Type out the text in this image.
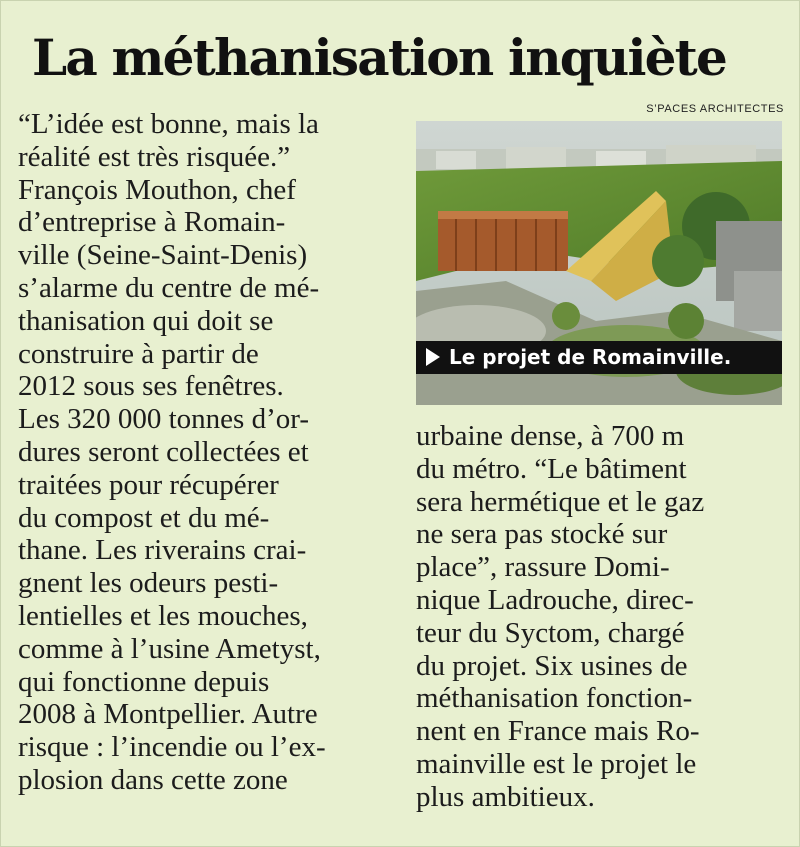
La méthanisation inquiète
S’PACES ARCHITECTES
Le projet de Romainville.
“L’idée est bonne, mais la
réalité est très risquée.”
François Mouthon, chef
d’entreprise à Romain-
ville (Seine-Saint-Denis)
s’alarme du centre de mé-
thanisation qui doit se
construire à partir de
2012 sous ses fenêtres.
Les 320 000 tonnes d’or-
dures seront collectées et
traitées pour récupérer
du compost et du mé-
thane. Les riverains crai-
gnent les odeurs pesti-
lentielles et les mouches,
comme à l’usine Ametyst,
qui fonctionne depuis
2008 à Montpellier. Autre
risque : l’incendie ou l’ex-
plosion dans cette zone
urbaine dense, à 700 m
du métro. “Le bâtiment
sera hermétique et le gaz
ne sera pas stocké sur
place”, rassure Domi-
nique Ladrouche, direc-
teur du Syctom, chargé
du projet. Six usines de
méthanisation fonction-
nent en France mais Ro-
mainville est le projet le
plus ambitieux.
